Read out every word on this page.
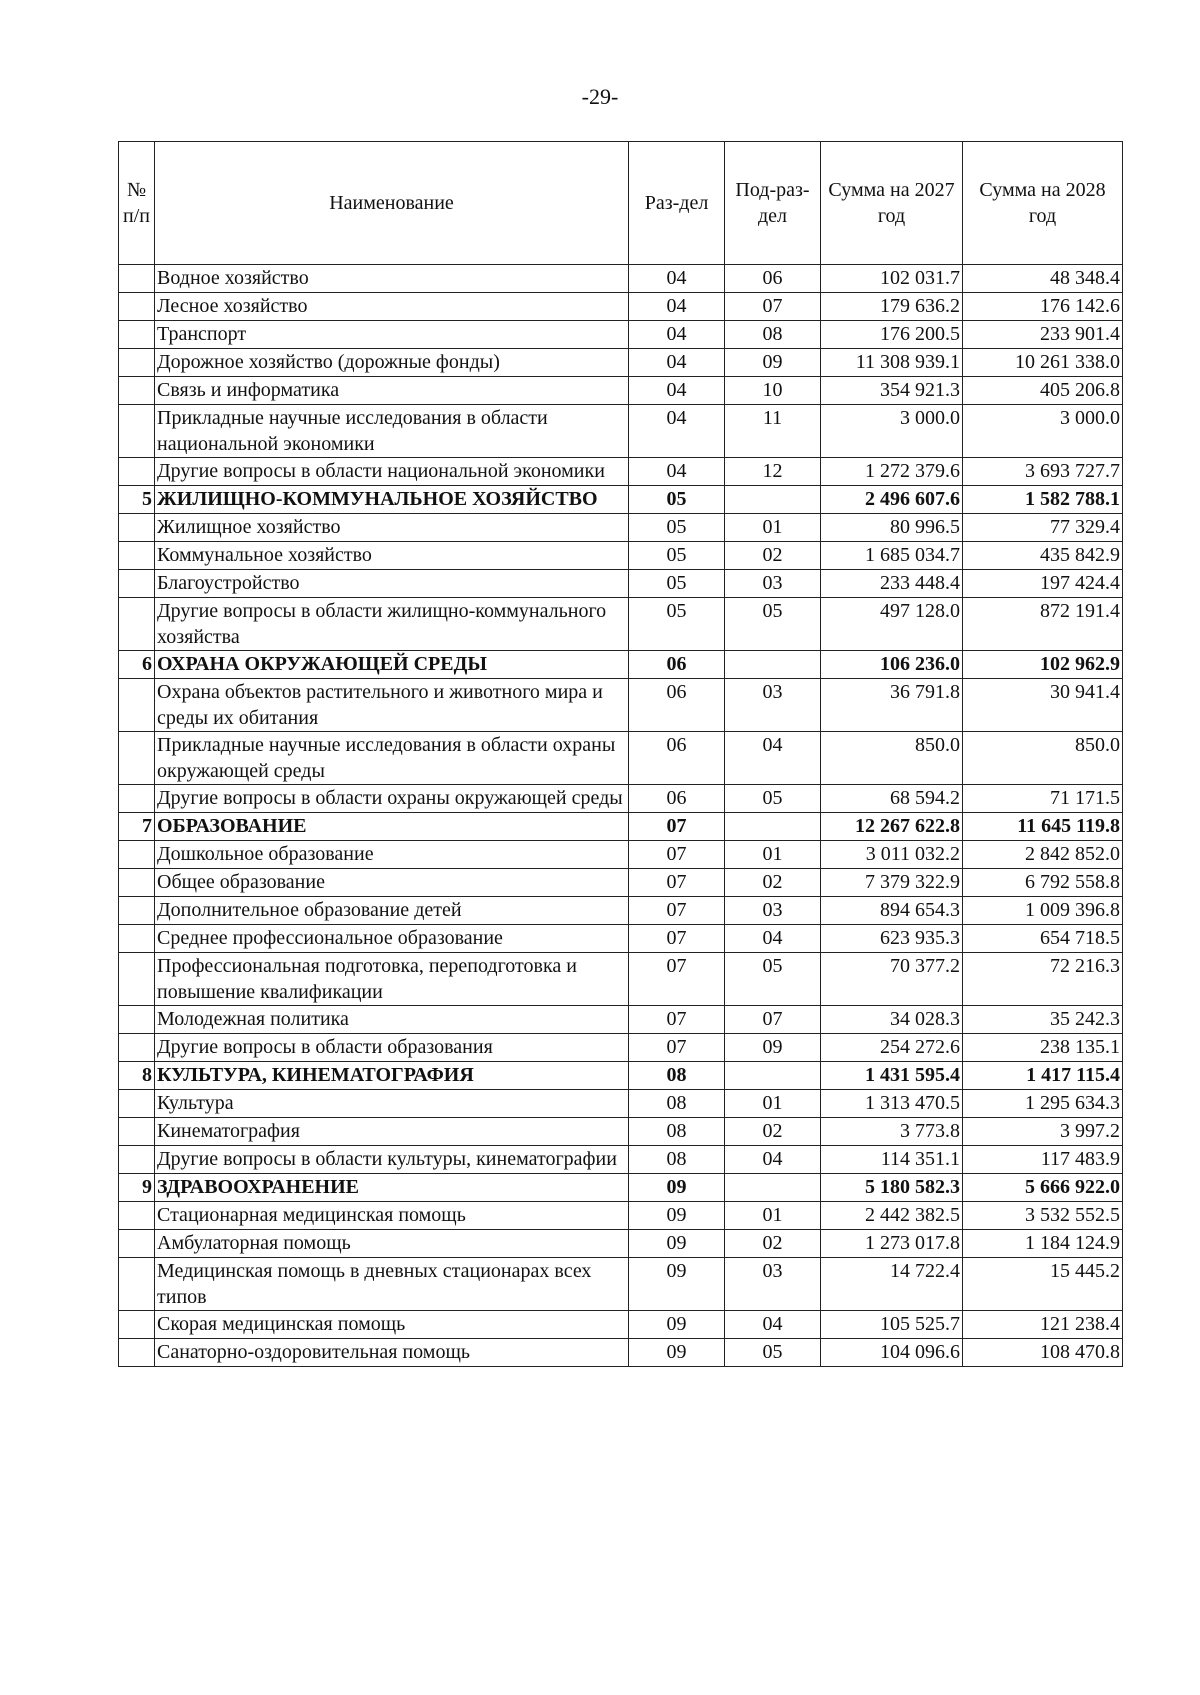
-29-
№ п/п	Наименование	Раз-дел	Под-раз-дел	Сумма на 2027 год	Сумма на 2028 год
	Водное хозяйство	04	06	102 031.7	48 348.4
	Лесное хозяйство	04	07	179 636.2	176 142.6
	Транспорт	04	08	176 200.5	233 901.4
	Дорожное хозяйство (дорожные фонды)	04	09	11 308 939.1	10 261 338.0
	Связь и информатика	04	10	354 921.3	405 206.8
	Прикладные научные исследования в области национальной экономики	04	11	3 000.0	3 000.0
	Другие вопросы в области национальной экономики	04	12	1 272 379.6	3 693 727.7
5	ЖИЛИЩНО-КОММУНАЛЬНОЕ ХОЗЯЙСТВО	05		2 496 607.6	1 582 788.1
	Жилищное хозяйство	05	01	80 996.5	77 329.4
	Коммунальное хозяйство	05	02	1 685 034.7	435 842.9
	Благоустройство	05	03	233 448.4	197 424.4
	Другие вопросы в области жилищно-коммунального хозяйства	05	05	497 128.0	872 191.4
6	ОХРАНА ОКРУЖАЮЩЕЙ СРЕДЫ	06		106 236.0	102 962.9
	Охрана объектов растительного и животного мира и среды их обитания	06	03	36 791.8	30 941.4
	Прикладные научные исследования в области охраны окружающей среды	06	04	850.0	850.0
	Другие вопросы в области охраны окружающей среды	06	05	68 594.2	71 171.5
7	ОБРАЗОВАНИЕ	07		12 267 622.8	11 645 119.8
	Дошкольное образование	07	01	3 011 032.2	2 842 852.0
	Общее образование	07	02	7 379 322.9	6 792 558.8
	Дополнительное образование детей	07	03	894 654.3	1 009 396.8
	Среднее профессиональное образование	07	04	623 935.3	654 718.5
	Профессиональная подготовка, переподготовка и повышение квалификации	07	05	70 377.2	72 216.3
	Молодежная политика	07	07	34 028.3	35 242.3
	Другие вопросы в области образования	07	09	254 272.6	238 135.1
8	КУЛЬТУРА, КИНЕМАТОГРАФИЯ	08		1 431 595.4	1 417 115.4
	Культура	08	01	1 313 470.5	1 295 634.3
	Кинематография	08	02	3 773.8	3 997.2
	Другие вопросы в области культуры, кинематографии	08	04	114 351.1	117 483.9
9	ЗДРАВООХРАНЕНИЕ	09		5 180 582.3	5 666 922.0
	Стационарная медицинская помощь	09	01	2 442 382.5	3 532 552.5
	Амбулаторная помощь	09	02	1 273 017.8	1 184 124.9
	Медицинская помощь в дневных стационарах всех типов	09	03	14 722.4	15 445.2
	Скорая медицинская помощь	09	04	105 525.7	121 238.4
	Санаторно-оздоровительная помощь	09	05	104 096.6	108 470.8
